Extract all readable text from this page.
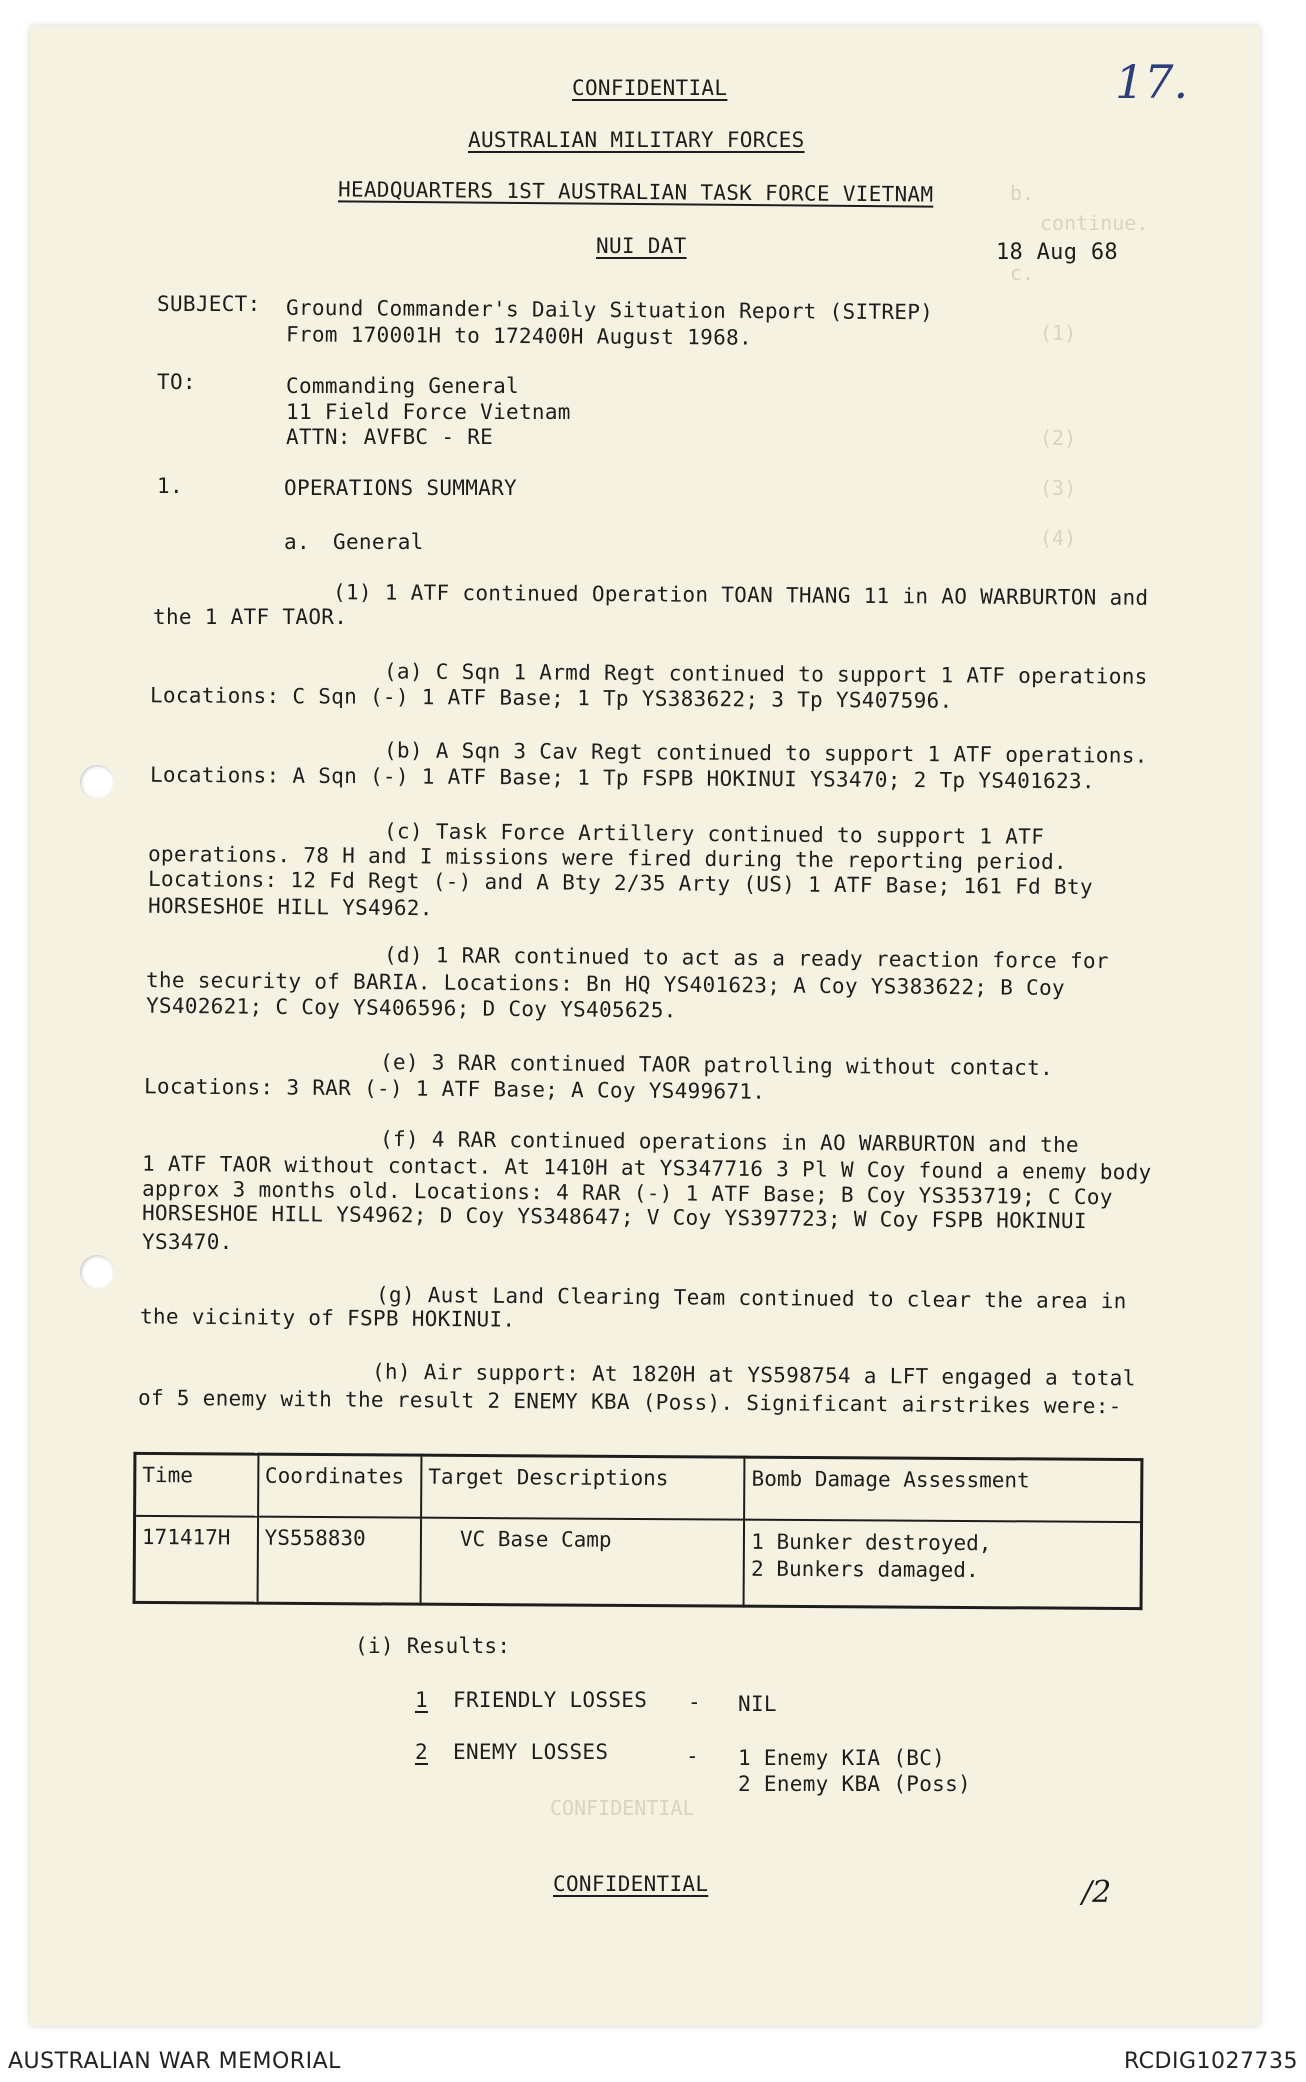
b.
continue.
c.
(1)
(2)
(3)
(4)
CONFIDENTIAL
17.
CONFIDENTIAL
AUSTRALIAN MILITARY FORCES
HEADQUARTERS 1ST AUSTRALIAN TASK FORCE VIETNAM
NUI DAT	18 Aug 68
SUBJECT: Ground Commander's Daily Situation Report (SITREP)
From 170001H to 172400H August 1968.
TO:	Commanding General
11 Field Force Vietnam
ATTN: AVFBC - RE
1.	OPERATIONS SUMMARY
a. General
(1) 1 ATF continued Operation TOAN THANG 11 in AO WARBURTON and
the 1 ATF TAOR.
(a) C Sqn 1 Armd Regt continued to support 1 ATF operations
Locations: C Sqn (-) 1 ATF Base; 1 Tp YS383622; 3 Tp YS407596.
(b) A Sqn 3 Cav Regt continued to support 1 ATF operations.
Locations: A Sqn (-) 1 ATF Base; 1 Tp FSPB HOKINUI YS3470; 2 Tp YS401623.
(c) Task Force Artillery continued to support 1 ATF
operations. 78 H and I missions were fired during the reporting period.
Locations: 12 Fd Regt (-) and A Bty 2/35 Arty (US) 1 ATF Base; 161 Fd Bty
HORSESHOE HILL YS4962.
(d) 1 RAR continued to act as a ready reaction force for
the security of BARIA. Locations: Bn HQ YS401623; A Coy YS383622; B Coy
YS402621; C Coy YS406596; D Coy YS405625.
(e) 3 RAR continued TAOR patrolling without contact.
Locations: 3 RAR (-) 1 ATF Base; A Coy YS499671.
(f) 4 RAR continued operations in AO WARBURTON and the
1 ATF TAOR without contact. At 1410H at YS347716 3 Pl W Coy found a enemy body
approx 3 months old. Locations: 4 RAR (-) 1 ATF Base; B Coy YS353719; C Coy
HORSESHOE HILL YS4962; D Coy YS348647; V Coy YS397723; W Coy FSPB HOKINUI
YS3470.
(g) Aust Land Clearing Team continued to clear the area in
the vicinity of FSPB HOKINUI.
(h) Air support: At 1820H at YS598754 a LFT engaged a total
of 5 enemy with the result 2 ENEMY KBA (Poss). Significant airstrikes were:-
Time	Coordinates	Target Descriptions	Bomb Damage Assessment
171417H	YS558830	VC Base Camp	1 Bunker destroyed,
2 Bunkers damaged.
(i) Results:
1 FRIENDLY LOSSES - NIL
2 ENEMY LOSSES	- 1 Enemy KIA (BC)
2 Enemy KBA (Poss)
CONFIDENTIAL	/2
AUSTRALIAN WAR MEMORIAL	RCDIG1027735
